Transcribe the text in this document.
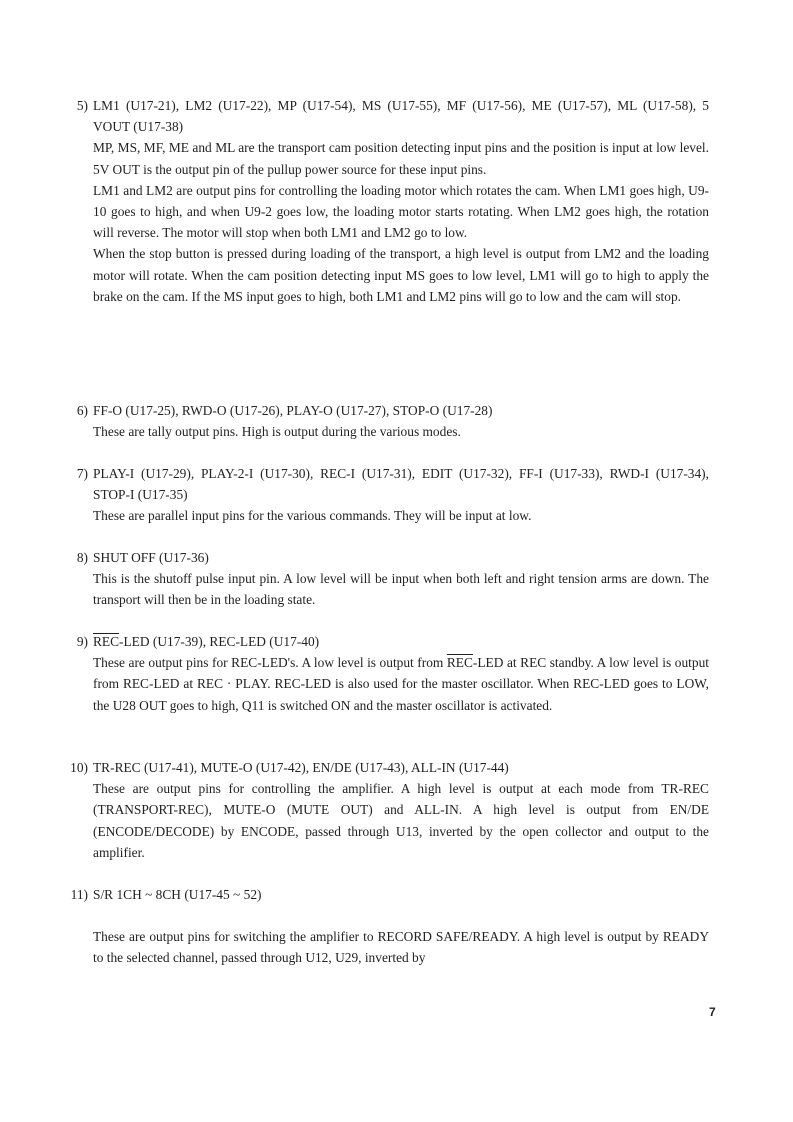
5) LM1 (U17-21), LM2 (U17-22), MP (U17-54), MS (U17-55), MF (U17-56), ME (U17-57), ML (U17-58), 5 VOUT (U17-38)

MP, MS, MF, ME and ML are the transport cam position detecting input pins and the position is input at low level. 5V OUT is the output pin of the pullup power source for these input pins.

LM1 and LM2 are output pins for controlling the loading motor which rotates the cam. When LM1 goes high, U9-10 goes to high, and when U9-2 goes low, the loading motor starts rotating. When LM2 goes high, the rotation will reverse. The motor will stop when both LM1 and LM2 go to low.

When the stop button is pressed during loading of the transport, a high level is output from LM2 and the loading motor will rotate. When the cam position detecting input MS goes to low level, LM1 will go to high to apply the brake on the cam. If the MS input goes to high, both LM1 and LM2 pins will go to low and the cam will stop.

6) FF-O (U17-25), RWD-O (U17-26), PLAY-O (U17-27), STOP-O (U17-28)

These are tally output pins. High is output during the various modes.

7) PLAY-I (U17-29), PLAY-2-I (U17-30), REC-I (U17-31), EDIT (U17-32), FF-I (U17-33), RWD-I (U17-34), STOP-I (U17-35)

These are parallel input pins for the various commands. They will be input at low.

8) SHUT OFF (U17-36)

This is the shutoff pulse input pin. A low level will be input when both left and right tension arms are down. The transport will then be in the loading state.

9) $\overline{REC}$-LED (U17-39), REC-LED (U17-40)

These are output pins for REC-LED's. A low level is output from $\overline{REC}$-LED at REC standby. A low level is output from REC-LED at REC · PLAY. REC-LED is also used for the master oscillator. When REC-LED goes to LOW, the U28 OUT goes to high, Q11 is switched ON and the master oscillator is activated.

10) TR-REC (U17-41), MUTE-O (U17-42), EN/DE (U17-43), ALL-IN (U17-44)

These are output pins for controlling the amplifier. A high level is output at each mode from TR-REC (TRANSPORT-REC), MUTE-O (MUTE OUT) and ALL-IN. A high level is output from EN/DE (ENCODE/DECODE) by ENCODE, passed through U13, inverted by the open collector and output to the amplifier.

11) S/R 1CH ~ 8CH (U17-45 ~ 52)

These are output pins for switching the amplifier to RECORD SAFE/READY. A high level is output by READY to the selected channel, passed through U12, U29, inverted by

7
